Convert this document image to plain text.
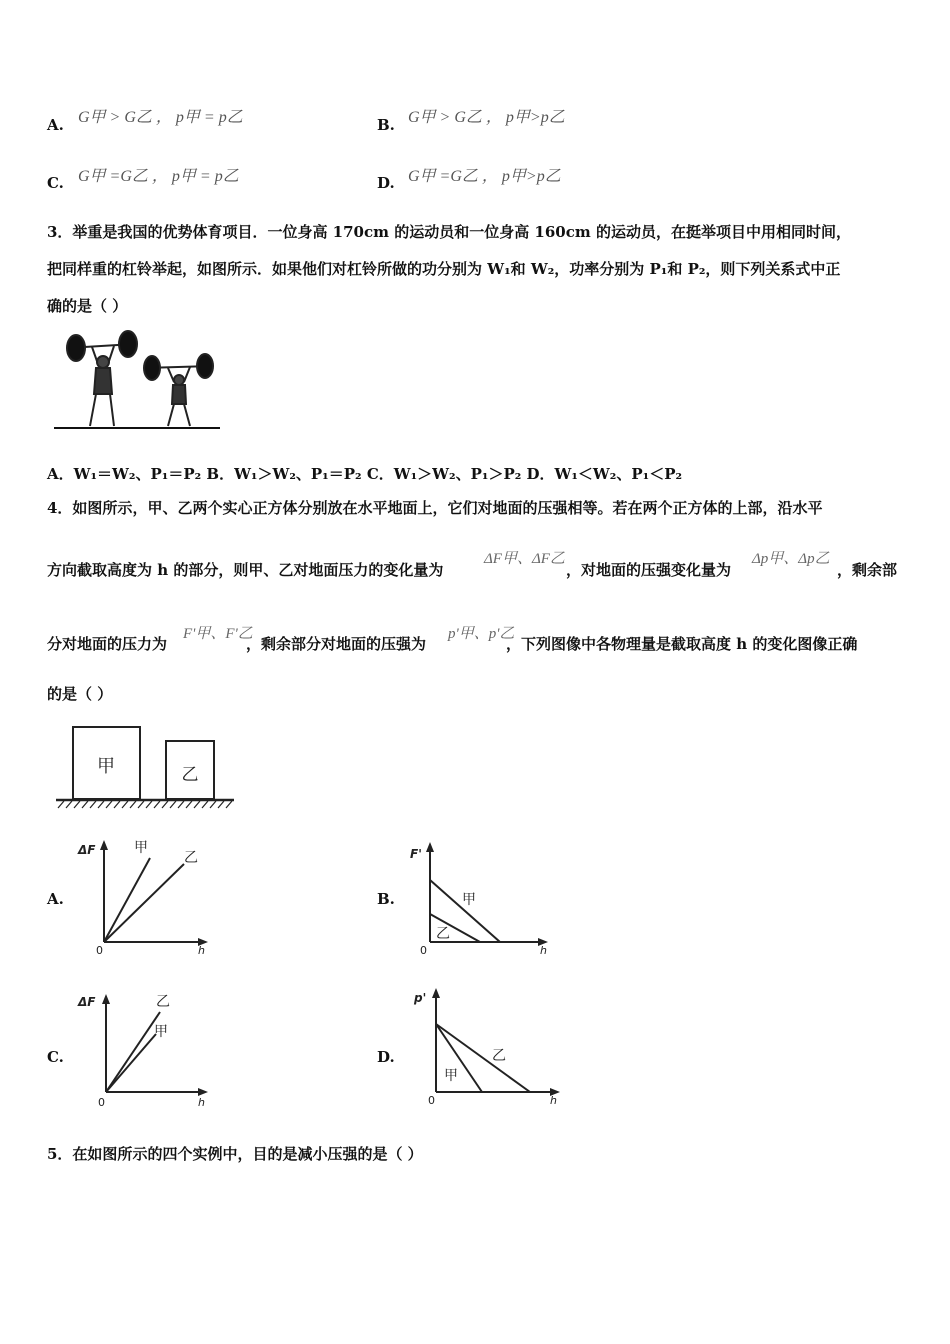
A. G甲 > G乙 ， p甲 = p乙	B. G甲 > G乙 ， p甲>p乙
C. G甲 =G乙 ， p甲 = p乙	D. G甲 =G乙 ， p甲>p乙
3．举重是我国的优势体育项目．一位身高 170cm 的运动员和一位身高 160cm 的运动员，在挺举项目中用相同时间，
把同样重的杠铃举起，如图所示．如果他们对杠铃所做的功分别为 W₁和 W₂，功率分别为 P₁和 P₂，则下列关系式中正
确的是（ ）
A．W₁＝W₂、P₁＝P₂ B．W₁＞W₂、P₁＝P₂ C．W₁＞W₂、P₁＞P₂ D．W₁＜W₂、P₁＜P₂
4．如图所示，甲、乙两个实心正方体分别放在水平地面上，它们对地面的压强相等。若在两个正方体的上部，沿水平
方向截取高度为 h 的部分，则甲、乙对地面压力的变化量为
ΔF甲、ΔF乙
，对地面的压强变化量为
Δp甲、Δp乙
，剩余部
分对地面的压力为
F'甲、F'乙
，剩余部分对地面的压强为
p'甲、p'乙
，下列图像中各物理量是截取高度 h 的变化图像正确
的是（ ）
甲	乙
A.
ΔF
h
0
甲
乙
B.
F'
h
0
甲
乙
C.
ΔF
h
0
乙
甲
D.
p'
h
0
乙
甲
5．在如图所示的四个实例中，目的是减小压强的是（ ）
